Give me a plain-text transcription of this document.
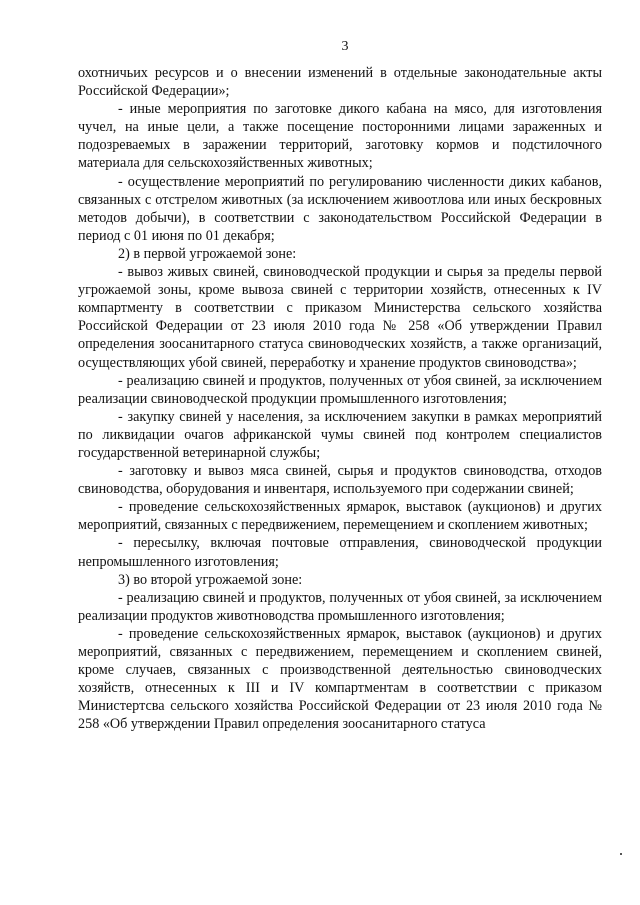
3

охотничьих ресурсов и о внесении изменений в отдельные законодательные акты Российской Федерации»;

- иные мероприятия по заготовке дикого кабана на мясо, для изготовления чучел, на иные цели, а также посещение посторонними лицами зараженных и подозреваемых в заражении территорий, заготовку кормов и подстилочного материала для сельскохозяйственных животных;

- осуществление мероприятий по регулированию численности диких кабанов, связанных с отстрелом животных (за исключением живоотлова или иных бескровных методов добычи), в соответствии с законодательством Российской Федерации в период с 01 июня по 01 декабря;

2) в первой угрожаемой зоне:

- вывоз живых свиней, свиноводческой продукции и сырья за пределы первой угрожаемой зоны, кроме вывоза свиней с территории хозяйств, отнесенных к IV компартменту в соответствии с приказом Министерства сельского хозяйства Российской Федерации от 23 июля 2010 года № 258 «Об утверждении Правил определения зоосанитарного статуса свиноводческих хозяйств, а также организаций, осуществляющих убой свиней, переработку и хранение продуктов свиноводства»;

- реализацию свиней и продуктов, полученных от убоя свиней, за исключением реализации свиноводческой продукции промышленного изготовления;

- закупку свиней у населения, за исключением закупки в рамках мероприятий по ликвидации очагов африканской чумы свиней под контролем специалистов государственной ветеринарной службы;

- заготовку и вывоз мяса свиней, сырья и продуктов свиноводства, отходов свиноводства, оборудования и инвентаря, используемого при содержании свиней;

- проведение сельскохозяйственных ярмарок, выставок (аукционов) и других мероприятий, связанных с передвижением, перемещением и скоплением животных;

- пересылку, включая почтовые отправления, свиноводческой продукции непромышленного изготовления;

3) во второй угрожаемой зоне:

- реализацию свиней и продуктов, полученных от убоя свиней, за исключением реализации продуктов животноводства промышленного изготовления;

- проведение сельскохозяйственных ярмарок, выставок (аукционов) и других мероприятий, связанных с передвижением, перемещением и скоплением свиней, кроме случаев, связанных с производственной деятельностью свиноводческих хозяйств, отнесенных к III и IV компартментам в соответствии с приказом Министертсва сельского хозяйства Российской Федерации от 23 июля 2010 года № 258 «Об утверждении Правил определения зоосанитарного статуса
